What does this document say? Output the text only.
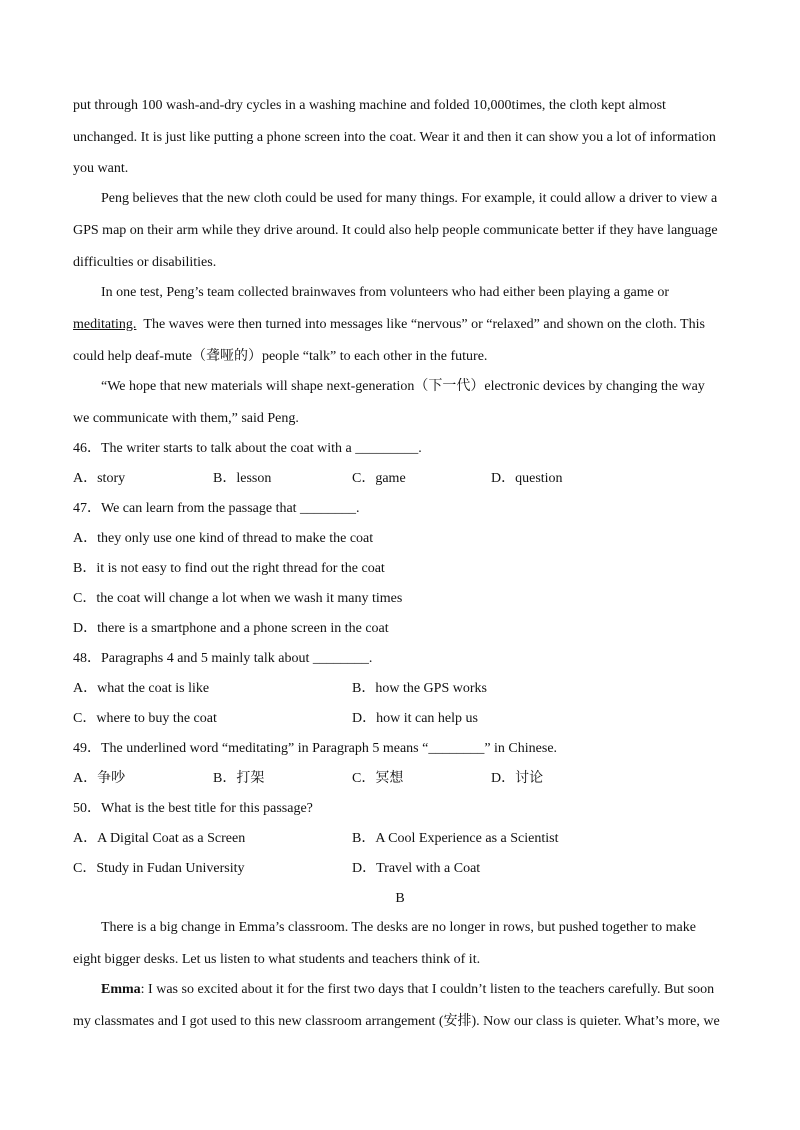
put through 100 wash-and-dry cycles in a washing machine and folded 10,000times, the cloth kept almost
unchanged. It is just like putting a phone screen into the coat. Wear it and then it can show you a lot of information
you want.
Peng believes that the new cloth could be used for many things. For example, it could allow a driver to view a
GPS map on their arm while they drive around. It could also help people communicate better if they have language
difficulties or disabilities.
In one test, Peng’s team collected brainwaves from volunteers who had either been playing a game or
meditating. The waves were then turned into messages like “nervous” or “relaxed” and shown on the cloth. This
could help deaf-mute（聋哑的）people “talk” to each other in the future.
“We hope that new materials will shape next-generation（下一代）electronic devices by changing the way
we communicate with them,” said Peng.
46．The writer starts to talk about the coat with a _________.
A．story	B．lesson	C．game	D．question
47．We can learn from the passage that ________.
A．they only use one kind of thread to make the coat
B．it is not easy to find out the right thread for the coat
C．the coat will change a lot when we wash it many times
D．there is a smartphone and a phone screen in the coat
48．Paragraphs 4 and 5 mainly talk about ________.
A．what the coat is like	B．how the GPS works
C．where to buy the coat	D．how it can help us
49．The underlined word “meditating” in Paragraph 5 means “________” in Chinese.
A．争吵	B．打架	C．冥想	D．讨论
50．What is the best title for this passage?
A．A Digital Coat as a Screen	B．A Cool Experience as a Scientist
C．Study in Fudan University	D．Travel with a Coat
B
There is a big change in Emma’s classroom. The desks are no longer in rows, but pushed together to make
eight bigger desks. Let us listen to what students and teachers think of it.
Emma: I was so excited about it for the first two days that I couldn’t listen to the teachers carefully. But soon
my classmates and I got used to this new classroom arrangement (安排). Now our class is quieter. What’s more, we
